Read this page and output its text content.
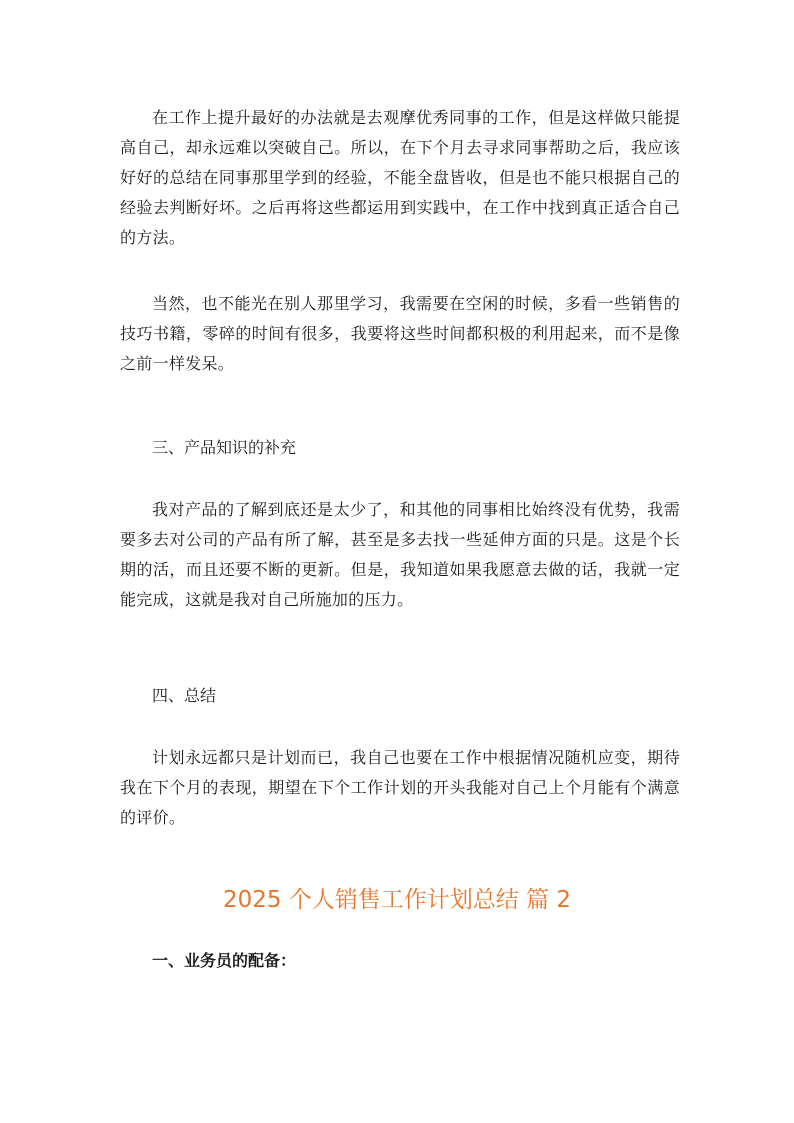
在工作上提升最好的办法就是去观摩优秀同事的工作，但是这样做只能提高自己，却永远难以突破自己。所以，在下个月去寻求同事帮助之后，我应该好好的总结在同事那里学到的经验，不能全盘皆收，但是也不能只根据自己的经验去判断好坏。之后再将这些都运用到实践中，在工作中找到真正适合自己的方法。

当然，也不能光在别人那里学习，我需要在空闲的时候，多看一些销售的技巧书籍，零碎的时间有很多，我要将这些时间都积极的利用起来，而不是像之前一样发呆。

三、产品知识的补充

我对产品的了解到底还是太少了，和其他的同事相比始终没有优势，我需要多去对公司的产品有所了解，甚至是多去找一些延伸方面的只是。这是个长期的活，而且还要不断的更新。但是，我知道如果我愿意去做的话，我就一定能完成，这就是我对自己所施加的压力。

四、总结

计划永远都只是计划而已，我自己也要在工作中根据情况随机应变，期待我在下个月的表现，期望在下个工作计划的开头我能对自己上个月能有个满意的评价。

2025 个人销售工作计划总结 篇 2

一、业务员的配备：
